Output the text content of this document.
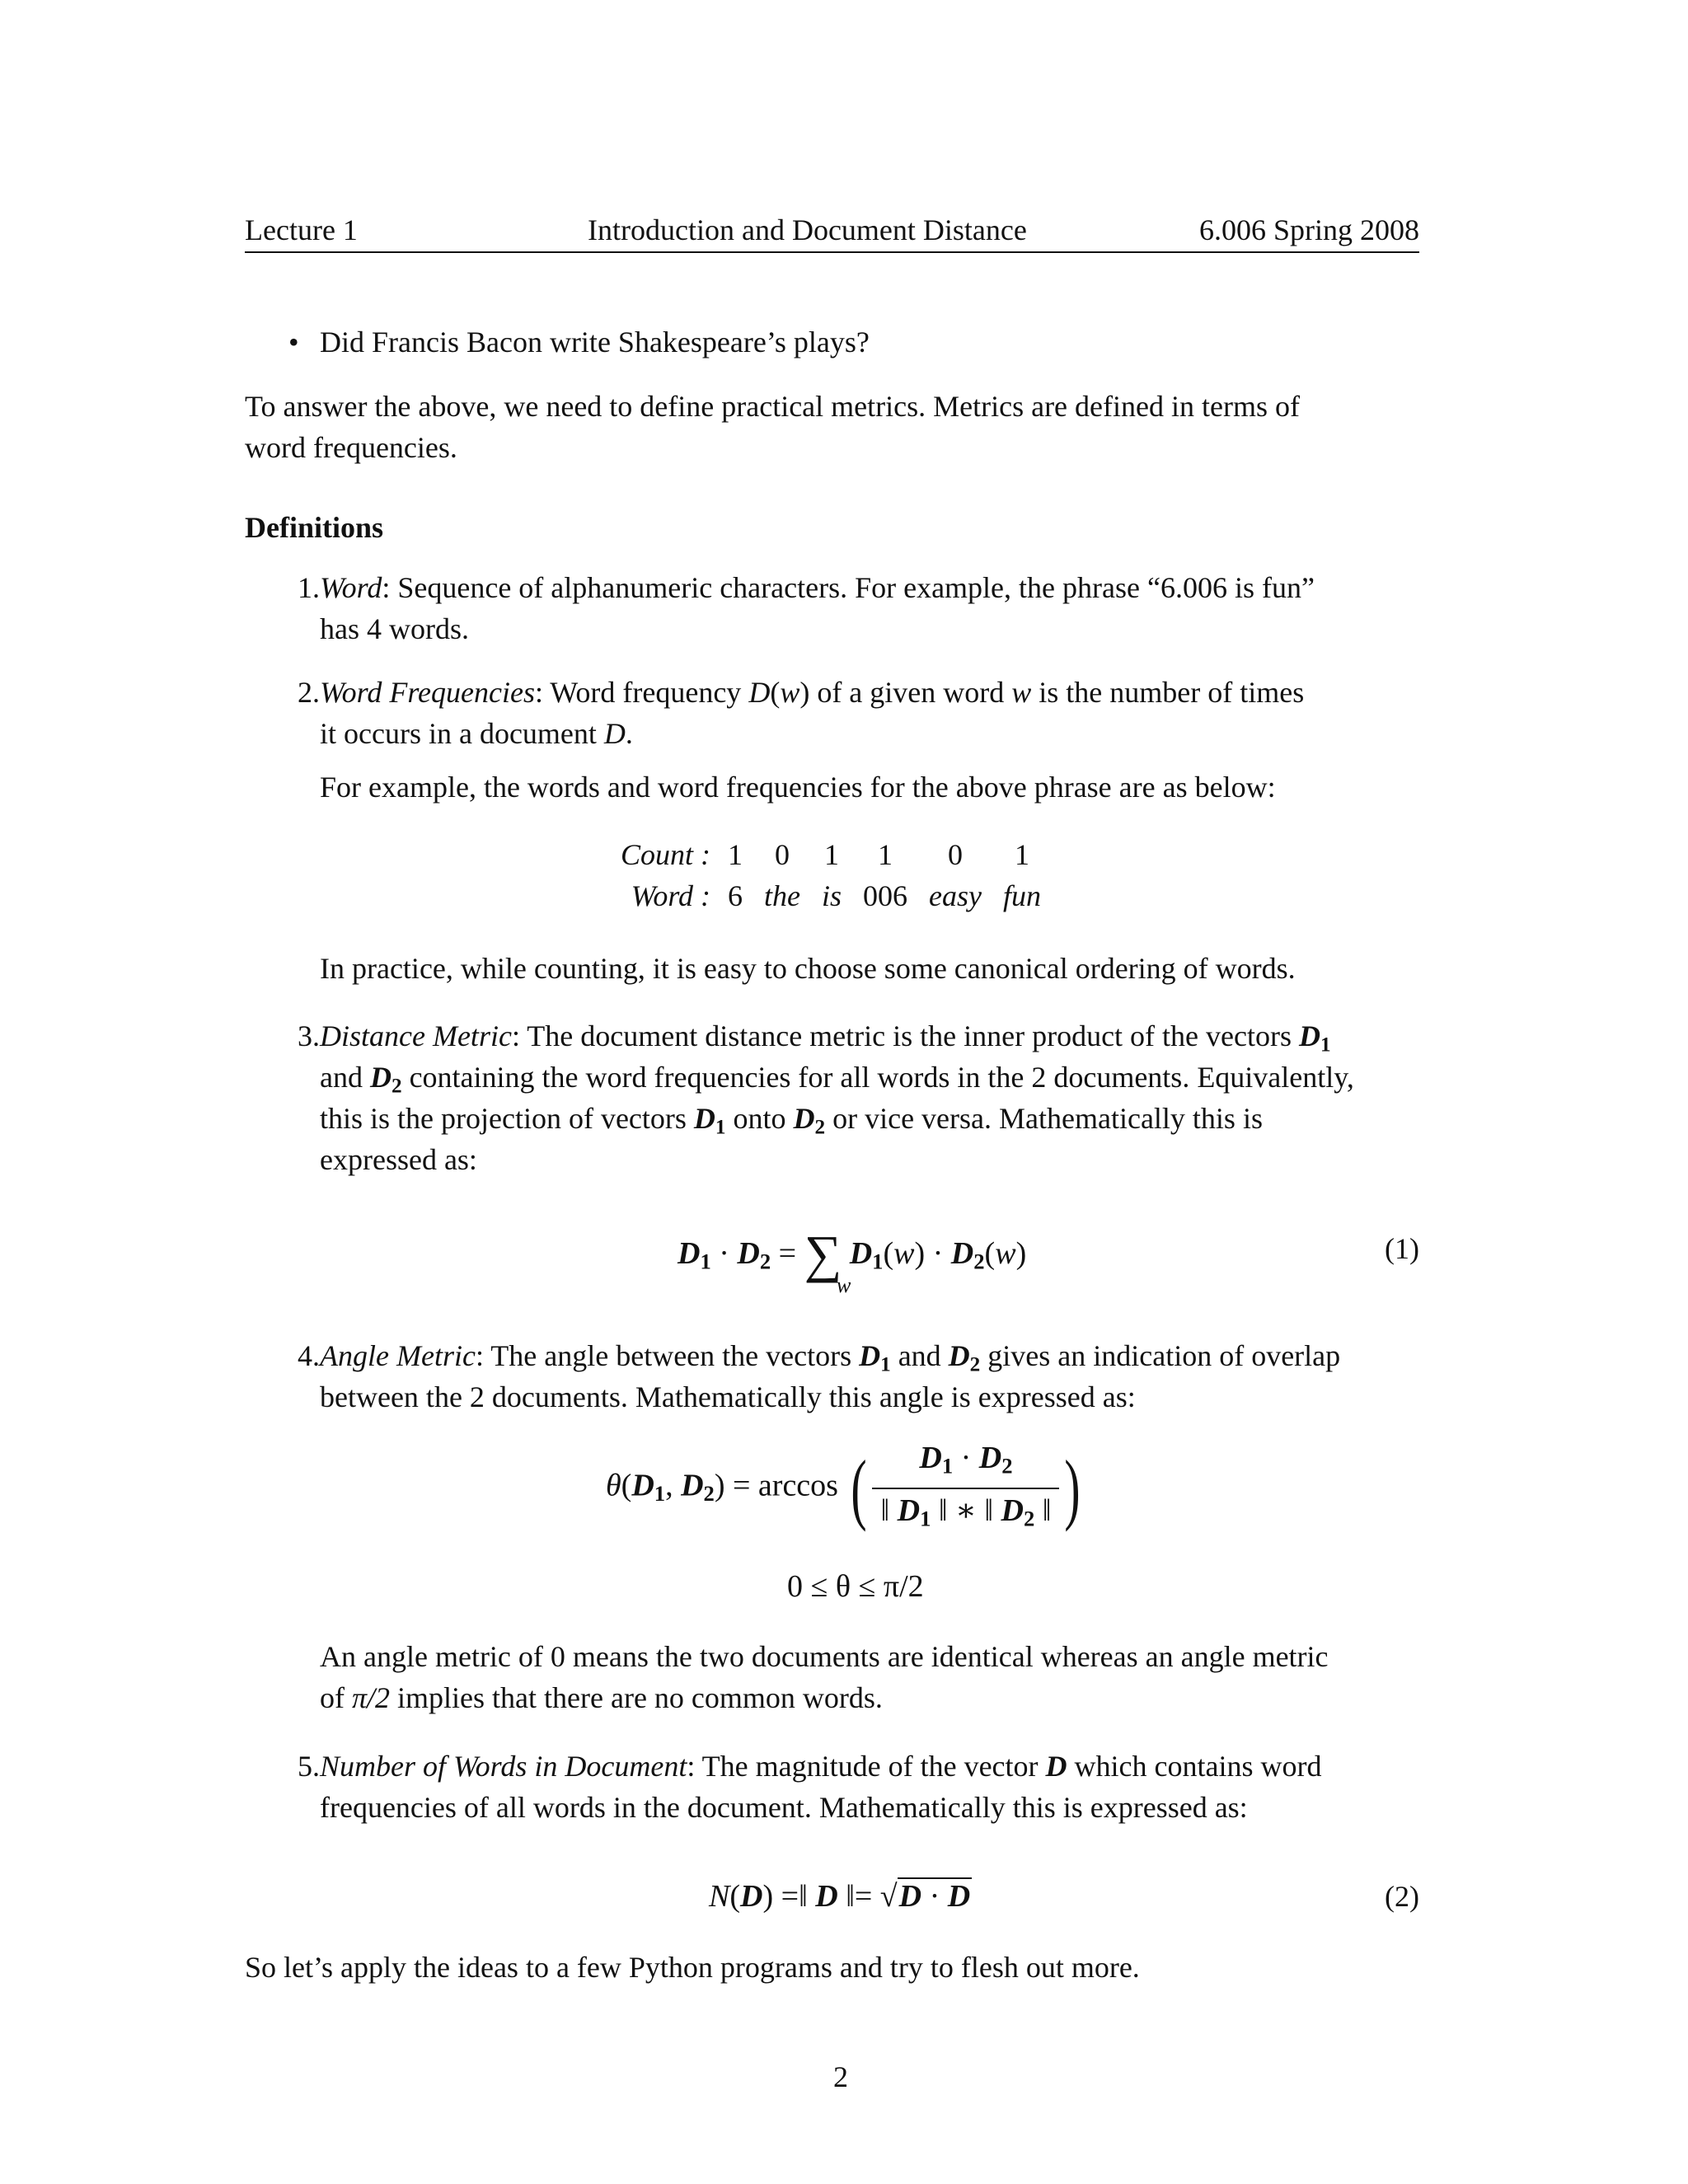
Lecture 1	Introduction and Document Distance	6.006 Spring 2008
• Did Francis Bacon write Shakespeare’s plays?
To answer the above, we need to define practical metrics. Metrics are defined in terms of
word frequencies.
Definitions
1. Word: Sequence of alphanumeric characters. For example, the phrase “6.006 is fun”
has 4 words.
2. Word Frequencies: Word frequency D(w) of a given word w is the number of times
it occurs in a document D.
For example, the words and word frequencies for the above phrase are as below:
Count :	1	0	1	1	0	1
Word :	6	the	is	006	easy	fun
In practice, while counting, it is easy to choose some canonical ordering of words.
3. Distance Metric: The document distance metric is the inner product of the vectors $D_1$
and $D_2$ containing the word frequencies for all words in the 2 documents. Equivalently,
this is the projection of vectors $D_1$ onto $D_2$ or vice versa. Mathematically this is
expressed as:
$D_1 \cdot D_2$ = ∑ $D_1(w) \cdot D_2(w)$
w
(1)
4. Angle Metric: The angle between the vectors $D_1$ and $D_2$ gives an indication of overlap
between the 2 documents. Mathematically this angle is expressed as:
$\theta(D_1$, $D_2) = \arccos$ ( $\frac{D_1 \cdot D_2}{‖ D_1 ‖ ∗ ‖ D_2 ‖}$ )
0 ≤ θ ≤ π/2
An angle metric of 0 means the two documents are identical whereas an angle metric
of π/2 implies that there are no common words.
5. Number of Words in Document: The magnitude of the vector D which contains word
frequencies of all words in the document. Mathematically this is expressed as:
N(D) =‖ D ‖= √D · D	(2)
So let’s apply the ideas to a few Python programs and try to flesh out more.
2
